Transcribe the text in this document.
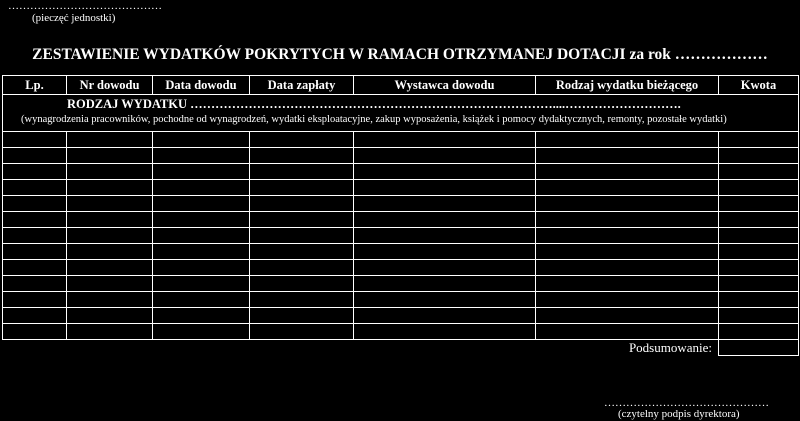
……………………………………
(pieczęć jednostki)
ZESTAWIENIE WYDATKÓW POKRYTYCH W RAMACH OTRZYMANEJ DOTACJI za rok ………………
Lp.	Nr dowodu	Data dowodu	Data zapłaty	Wystawca dowodu	Rodzaj wydatku bieżącego	Kwota

RODZAJ WYDATKU ……………………………………………………………………………....……………………….
(wynagrodzenia pracowników, pochodne od wynagrodzeń, wydatki eksploatacyjne, zakup wyposażenia, książek i pomocy dydaktycznych, remonty, pozostałe wydatki)						

Podsumowanie:						
………………………………………
(czytelny podpis dyrektora)
